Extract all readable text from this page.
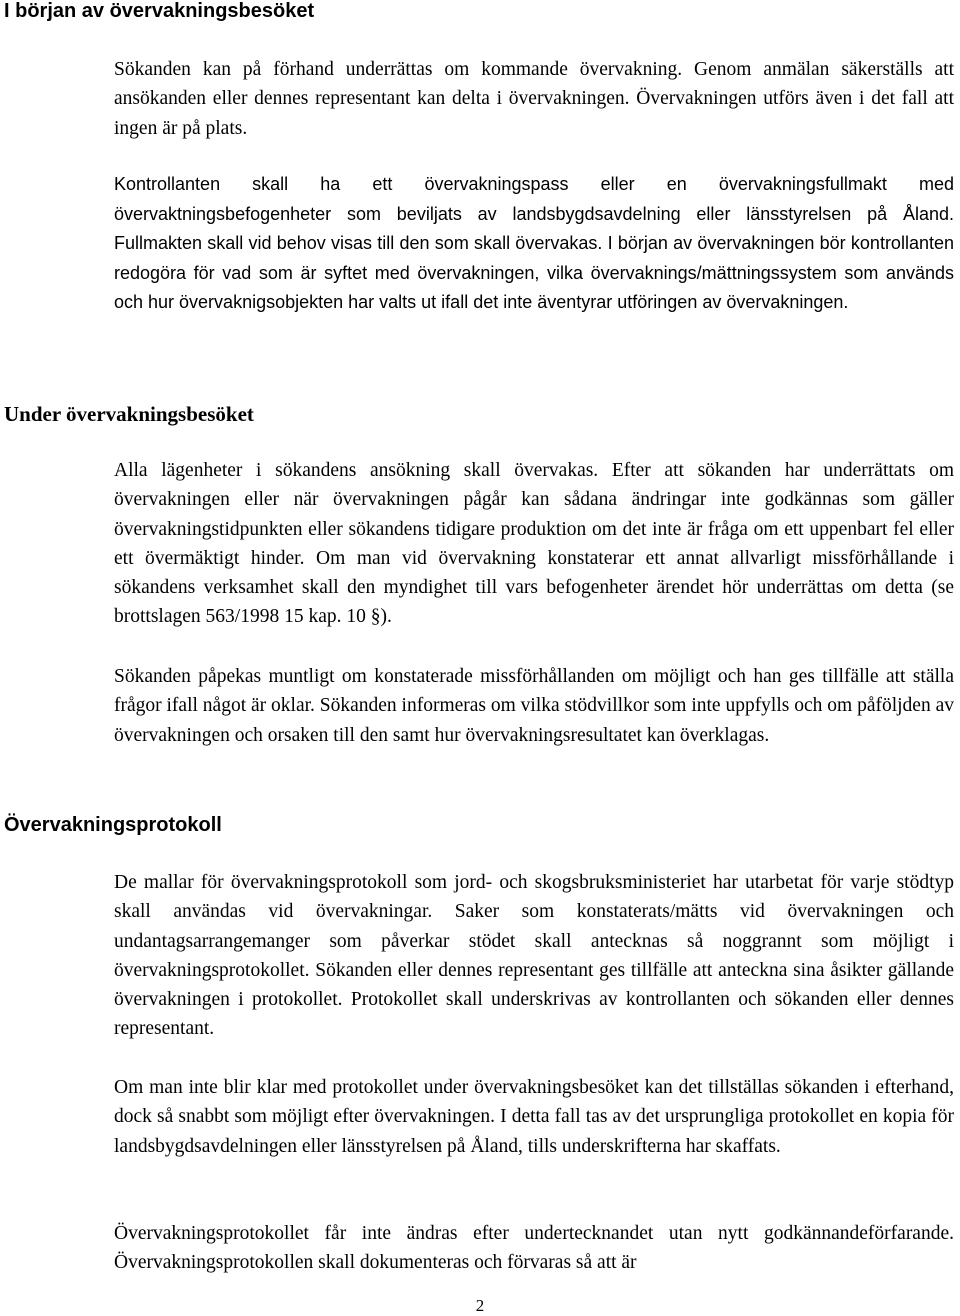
I början av övervakningsbesöket

Sökanden kan på förhand underrättas om kommande övervakning. Genom anmälan säkerställs att ansökanden eller dennes representant kan delta i övervakningen. Övervakningen utförs även i det fall att ingen är på plats.

Kontrollanten skall ha ett övervakningspass eller en övervakningsfullmakt med övervaktningsbefogenheter som beviljats av landsbygdsavdelning eller länsstyrelsen på Åland. Fullmakten skall vid behov visas till den som skall övervakas. I början av övervakningen bör kontrollanten redogöra för vad som är syftet med övervakningen, vilka övervaknings/mättningssystem som används och hur övervaknigsobjekten har valts ut ifall det inte äventyrar utföringen av övervakningen.

Under övervakningsbesöket

Alla lägenheter i sökandens ansökning skall övervakas. Efter att sökanden har underrättats om övervakningen eller när övervakningen pågår kan sådana ändringar inte godkännas som gäller övervakningstidpunkten eller sökandens tidigare produktion om det inte är fråga om ett uppenbart fel eller ett övermäktigt hinder. Om man vid övervakning konstaterar ett annat allvarligt missförhållande i sökandens verksamhet skall den myndighet till vars befogenheter ärendet hör underrättas om detta (se brottslagen 563/1998 15 kap. 10 §).

Sökanden påpekas muntligt om konstaterade missförhållanden om möjligt och han ges tillfälle att ställa frågor ifall något är oklar. Sökanden informeras om vilka stödvillkor som inte uppfylls och om påföljden av övervakningen och orsaken till den samt hur övervakningsresultatet kan överklagas.

Övervakningsprotokoll

De mallar för övervakningsprotokoll som jord- och skogsbruksministeriet har utarbetat för varje stödtyp skall användas vid övervakningar. Saker som konstaterats/mätts vid övervakningen och undantagsarrangemanger som påverkar stödet skall antecknas så noggrannt som möjligt i övervakningsprotokollet. Sökanden eller dennes representant ges tillfälle att anteckna sina åsikter gällande övervakningen i protokollet. Protokollet skall underskrivas av kontrollanten och sökanden eller dennes representant.

Om man inte blir klar med protokollet under övervakningsbesöket kan det tillställas sökanden i efterhand, dock så snabbt som möjligt efter övervakningen. I detta fall tas av det ursprungliga protokollet en kopia för landsbygdsavdelningen eller länsstyrelsen på Åland, tills underskrifterna har skaffats.

Övervakningsprotokollet får inte ändras efter undertecknandet utan nytt godkännandeförfarande. Övervakningsprotokollen skall dokumenteras och förvaras så att är

2
